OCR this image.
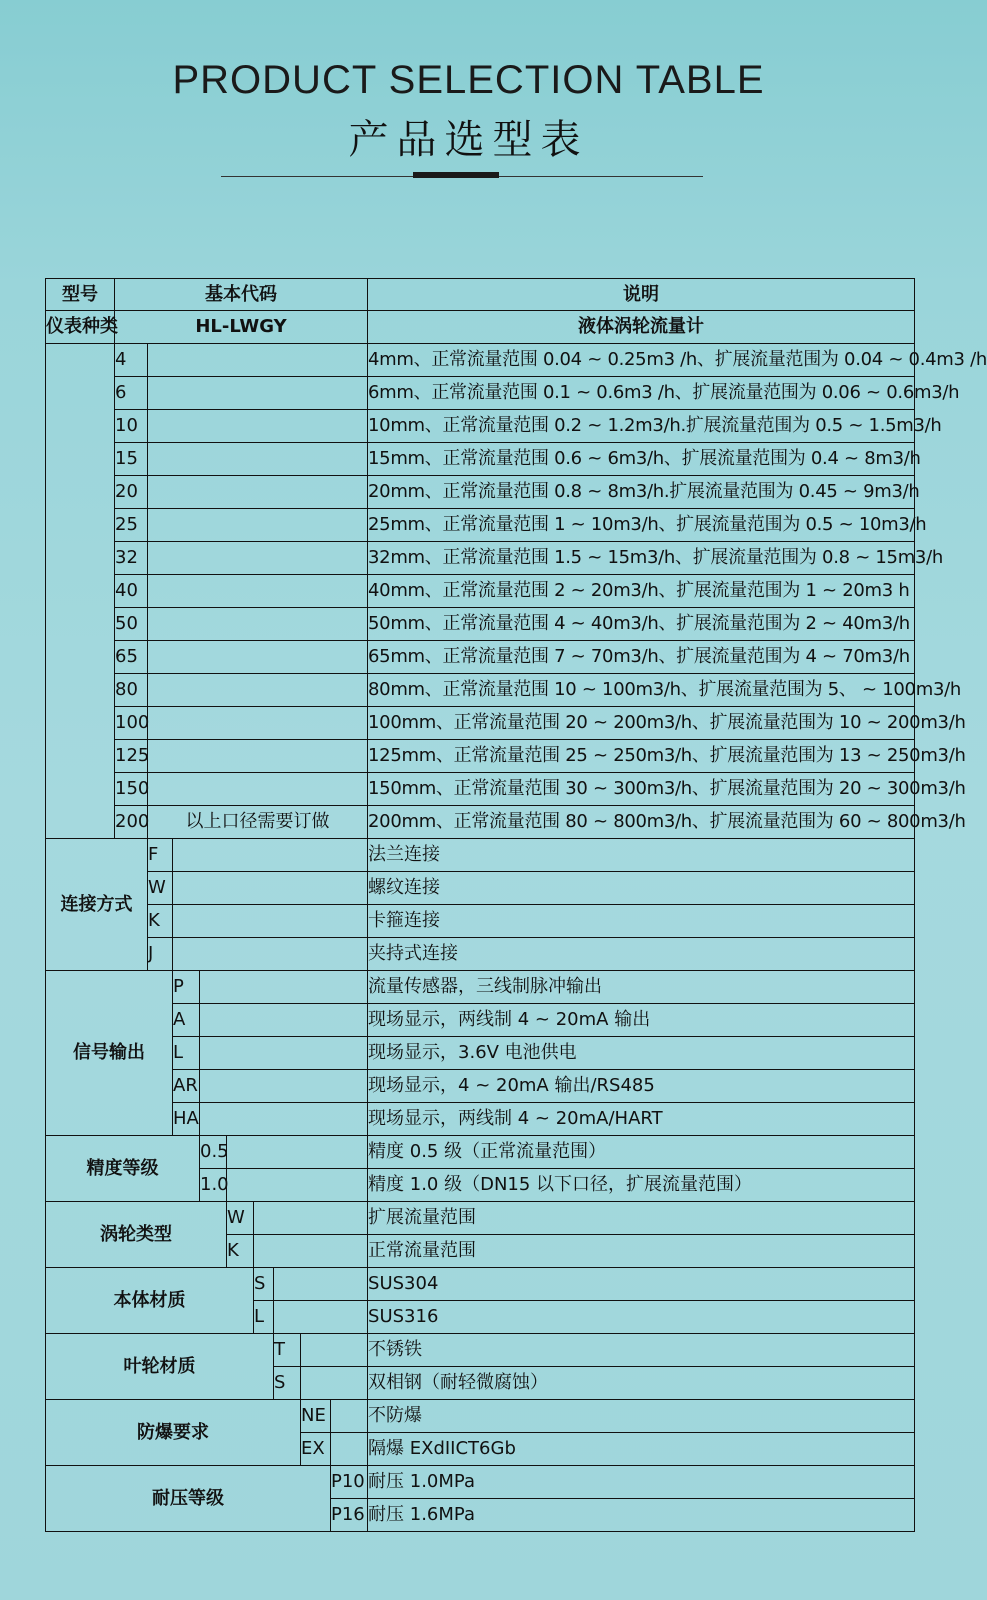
PRODUCT SELECTION TABLE
产品选型表
型号	基本代码									说明
仪表种类	HL-LWGY									液体涡轮流量计
	4									4mm、正常流量范围 0.04 ~ 0.25m3 /h、扩展流量范围为 0.04 ~ 0.4m3 /h
	6									6mm、正常流量范围 0.1 ~ 0.6m3 /h、扩展流量范围为 0.06 ~ 0.6m3/h
	10									10mm、正常流量范围 0.2 ~ 1.2m3/h.扩展流量范围为 0.5 ~ 1.5m3/h
	15									15mm、正常流量范围 0.6 ~ 6m3/h、扩展流量范围为 0.4 ~ 8m3/h
	20									20mm、正常流量范围 0.8 ~ 8m3/h.扩展流量范围为 0.45 ~ 9m3/h
	25									25mm、正常流量范围 1 ~ 10m3/h、扩展流量范围为 0.5 ~ 10m3/h
	32									32mm、正常流量范围 1.5 ~ 15m3/h、扩展流量范围为 0.8 ~ 15m3/h
	40									40mm、正常流量范围 2 ~ 20m3/h、扩展流量范围为 1 ~ 20m3 h
	50									50mm、正常流量范围 4 ~ 40m3/h、扩展流量范围为 2 ~ 40m3/h
	65									65mm、正常流量范围 7 ~ 70m3/h、扩展流量范围为 4 ~ 70m3/h
	80									80mm、正常流量范围 10 ~ 100m3/h、扩展流量范围为 5、 ~ 100m3/h
	100									100mm、正常流量范围 20 ~ 200m3/h、扩展流量范围为 10 ~ 200m3/h
	125									125mm、正常流量范围 25 ~ 250m3/h、扩展流量范围为 13 ~ 250m3/h
	150									150mm、正常流量范围 30 ~ 300m3/h、扩展流量范围为 20 ~ 300m3/h
	200	以上口径需要订做								200mm、正常流量范围 80 ~ 800m3/h、扩展流量范围为 60 ~ 800m3/h
连接方式		F								法兰连接
		W								螺纹连接
		K								卡箍连接
		J								夹持式连接
信号输出			P							流量传感器，三线制脉冲输出
			A							现场显示，两线制 4 ~ 20mA 输出
			L							现场显示，3.6V 电池供电
			AR							现场显示，4 ~ 20mA 输出/RS485
			HA							现场显示，两线制 4 ~ 20mA/HART
精度等级				0.5						精度 0.5 级（正常流量范围）
				1.0						精度 1.0 级（DN15 以下口径，扩展流量范围）
涡轮类型					W					扩展流量范围
					K					正常流量范围
本体材质						S				SUS304
						L				SUS316
叶轮材质							T			不锈铁
							S			双相钢（耐轻微腐蚀）
防爆要求								NE		不防爆
								EX		隔爆 EXdIICT6Gb
耐压等级									P10	耐压 1.0MPa
									P16	耐压 1.6MPa
